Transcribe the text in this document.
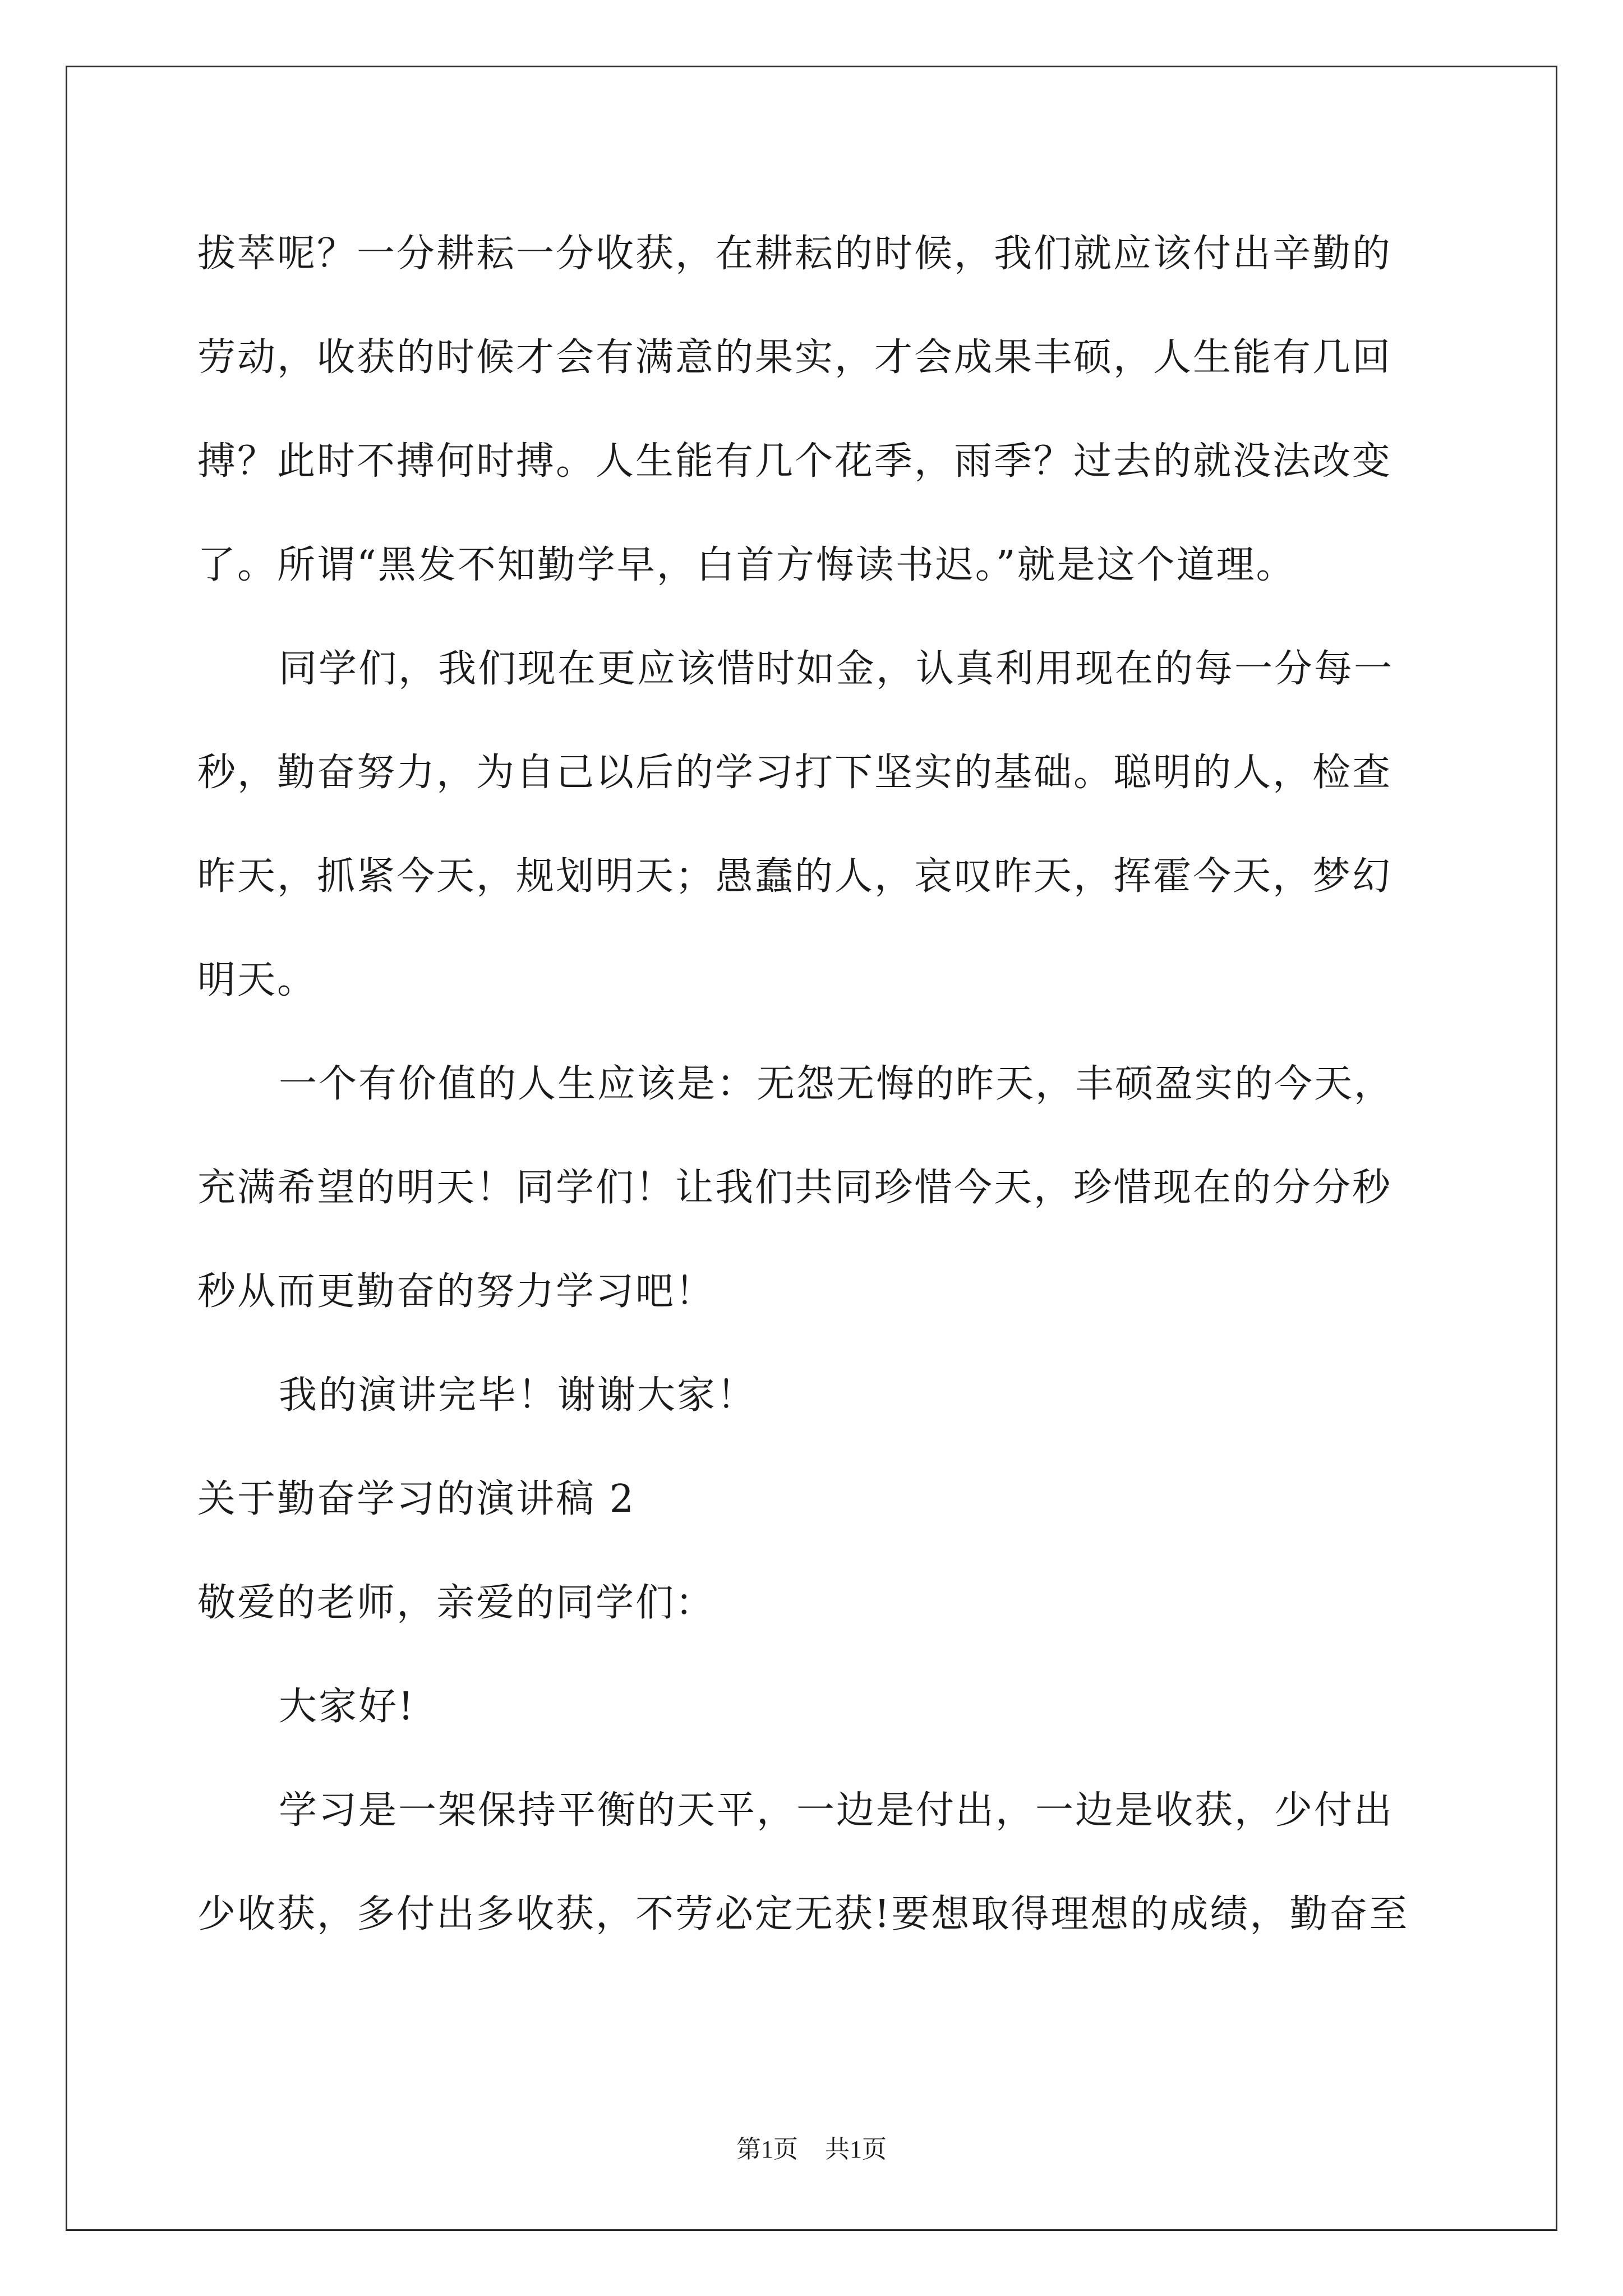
拔萃呢？一分耕耘一分收获，在耕耘的时候，我们就应该付出辛勤的
劳动，收获的时候才会有满意的果实，才会成果丰硕，人生能有几回
搏？此时不搏何时搏。人生能有几个花季，雨季？过去的就没法改变
了。所谓“黑发不知勤学早，白首方悔读书迟。”就是这个道理。
同学们，我们现在更应该惜时如金，认真利用现在的每一分每一
秒，勤奋努力，为自己以后的学习打下坚实的基础。聪明的人，检查
昨天，抓紧今天，规划明天；愚蠢的人，哀叹昨天，挥霍今天，梦幻
明天。
一个有价值的人生应该是：无怨无悔的昨天，丰硕盈实的今天，
充满希望的明天！同学们！让我们共同珍惜今天，珍惜现在的分分秒
秒从而更勤奋的努力学习吧！
我的演讲完毕！谢谢大家！
关于勤奋学习的演讲稿 2
敬爱的老师，亲爱的同学们：
大家好!
学习是一架保持平衡的天平，一边是付出，一边是收获，少付出
少收获，多付出多收获，不劳必定无获!要想取得理想的成绩，勤奋至
第1页 共1页
